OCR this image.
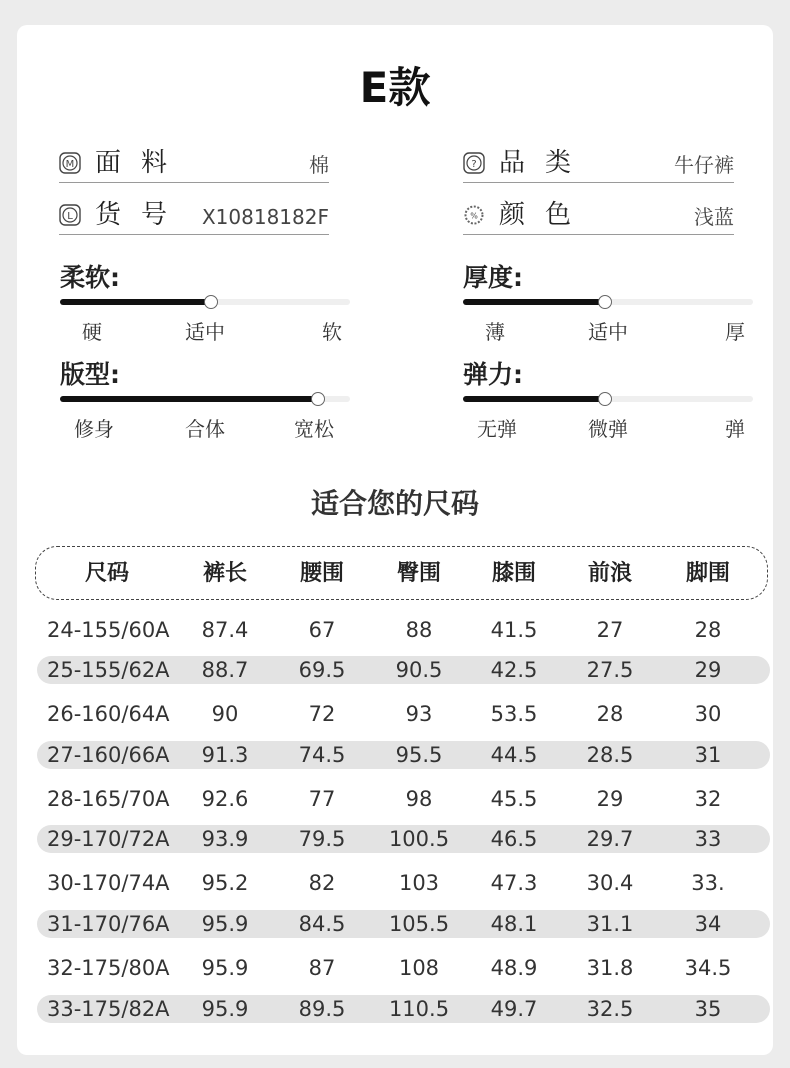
E款
M 面料	棉	? 品类	牛仔裤
L 货号 X10818182F	% 颜色	浅蓝
柔软:
硬	适中	软
厚度:
薄	适中	厚
版型:
修身	合体	宽松
弹力:
无弹	微弹	弹
适合您的尺码
尺码	裤长	腰围	臀围	膝围	前浪	脚围
24-155/60A	87.4	67	88	41.5	27	28
25-155/62A	88.7	69.5	90.5	42.5	27.5	29
26-160/64A	90	72	93	53.5	28	30
27-160/66A	91.3	74.5	95.5	44.5	28.5	31
28-165/70A	92.6	77	98	45.5	29	32
29-170/72A	93.9	79.5	100.5	46.5	29.7	33
30-170/74A	95.2	82	103	47.3	30.4	33.
31-170/76A	95.9	84.5	105.5	48.1	31.1	34
32-175/80A	95.9	87	108	48.9	31.8	34.5
33-175/82A	95.9	89.5	110.5	49.7	32.5	35
